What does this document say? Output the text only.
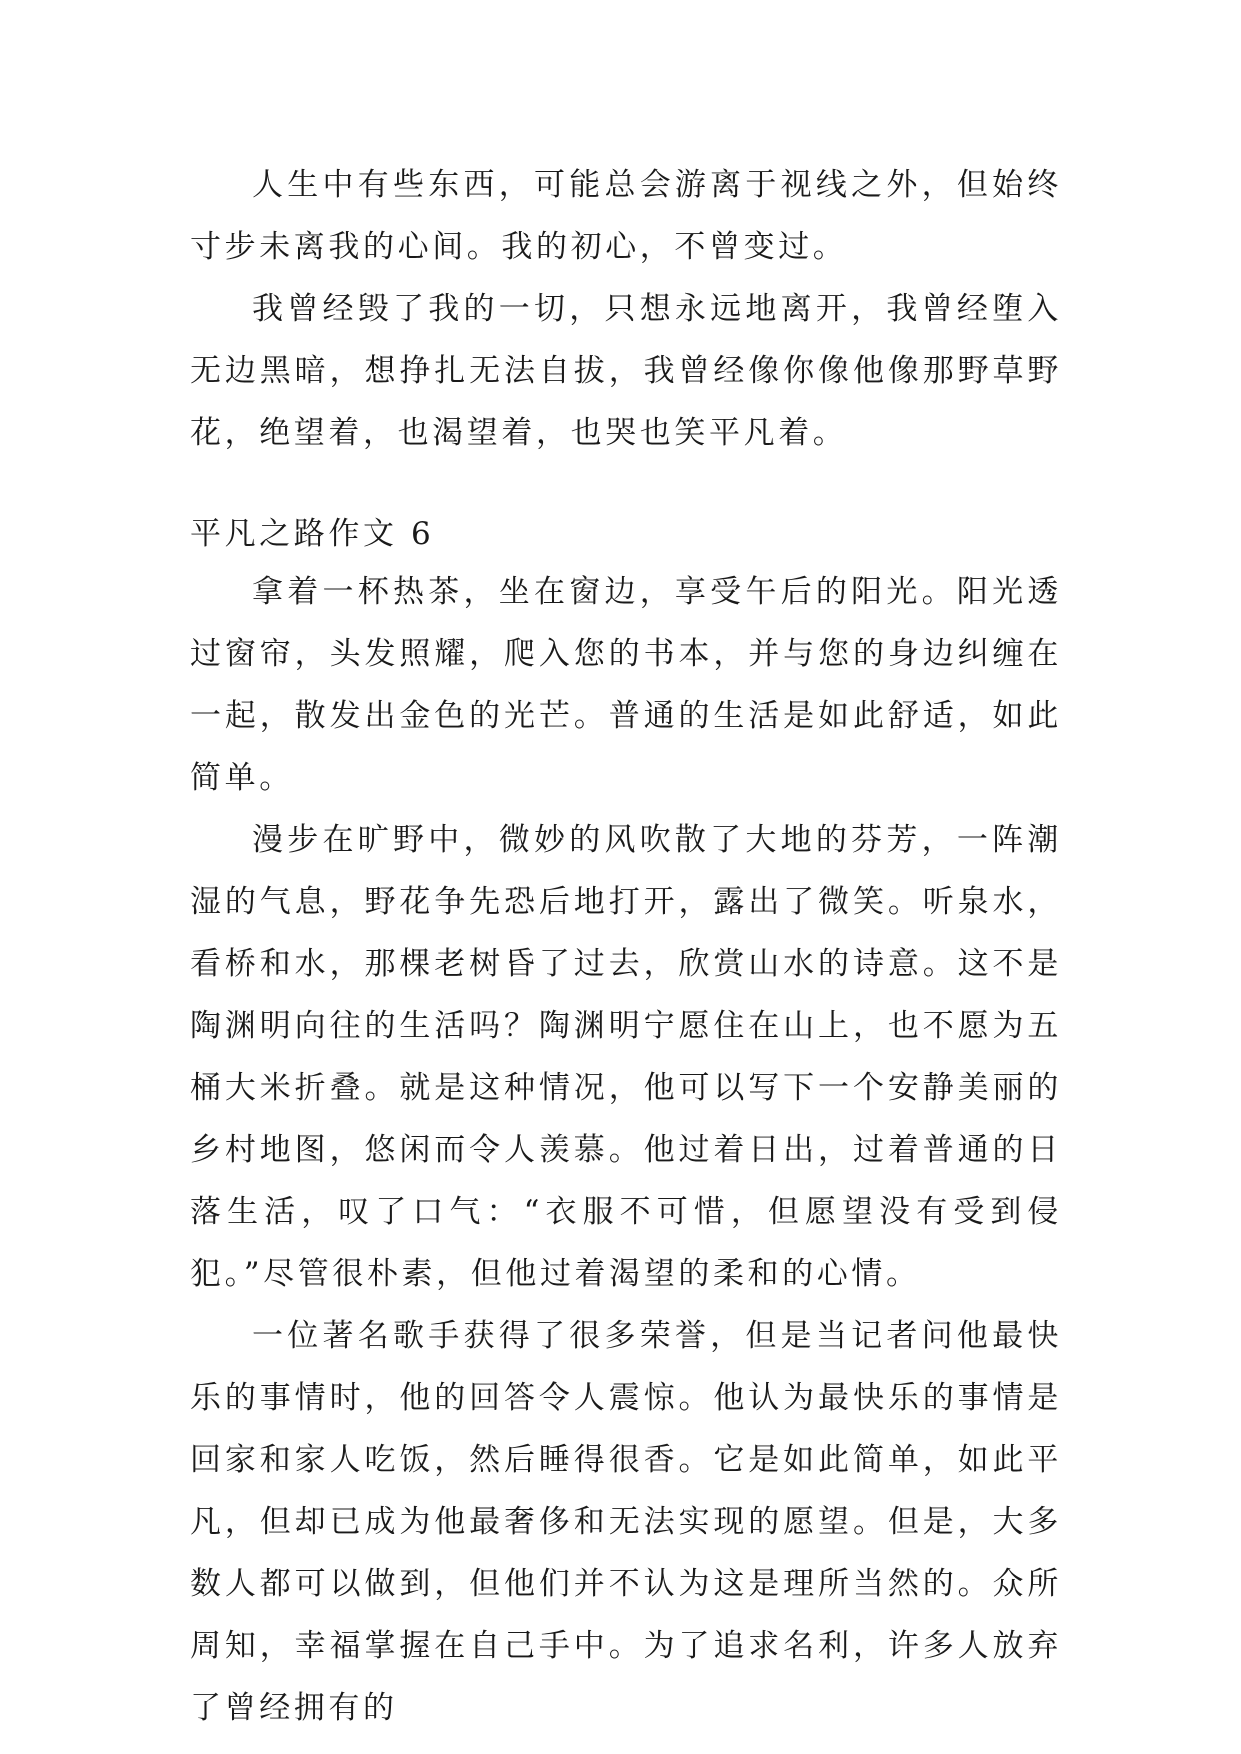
人生中有些东西，可能总会游离于视线之外，但始终寸步未离我的心间。我的初心，不曾变过。

我曾经毁了我的一切，只想永远地离开，我曾经堕入无边黑暗，想挣扎无法自拔，我曾经像你像他像那野草野花，绝望着，也渴望着，也哭也笑平凡着。

平凡之路作文 6

拿着一杯热茶，坐在窗边，享受午后的阳光。阳光透过窗帘，头发照耀，爬入您的书本，并与您的身边纠缠在一起，散发出金色的光芒。普通的生活是如此舒适，如此简单。

漫步在旷野中，微妙的风吹散了大地的芬芳，一阵潮湿的气息，野花争先恐后地打开，露出了微笑。听泉水，看桥和水，那棵老树昏了过去，欣赏山水的诗意。这不是陶渊明向往的生活吗？陶渊明宁愿住在山上，也不愿为五桶大米折叠。就是这种情况，他可以写下一个安静美丽的乡村地图，悠闲而令人羡慕。他过着日出，过着普通的日落生活，叹了口气：“衣服不可惜，但愿望没有受到侵犯。”尽管很朴素，但他过着渴望的柔和的心情。

一位著名歌手获得了很多荣誉，但是当记者问他最快乐的事情时，他的回答令人震惊。他认为最快乐的事情是回家和家人吃饭，然后睡得很香。它是如此简单，如此平凡，但却已成为他最奢侈和无法实现的愿望。但是，大多数人都可以做到，但他们并不认为这是理所当然的。众所周知，幸福掌握在自己手中。为了追求名利，许多人放弃了曾经拥有的
